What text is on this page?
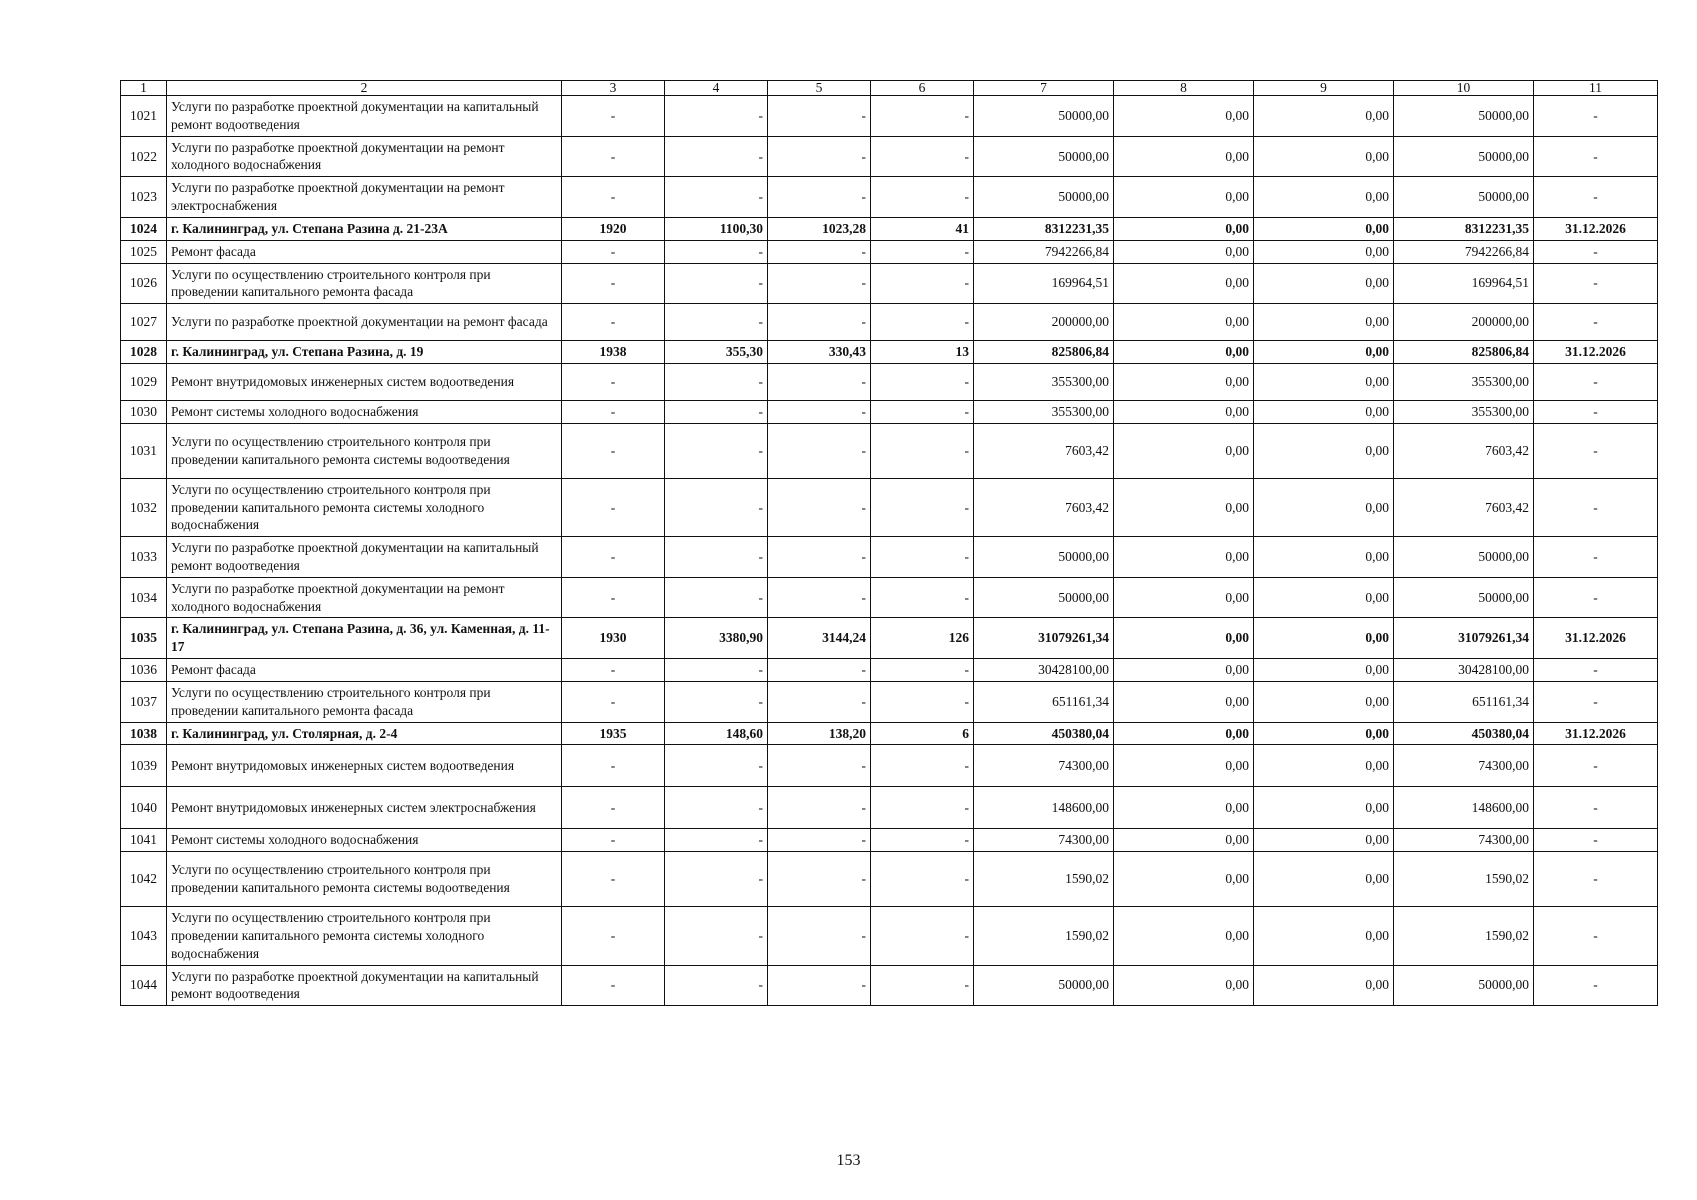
1	2	3	4	5	6	7	8	9	10	11
1021	Услуги по разработке проектной документации на капитальный ремонт водоотведения	-	-	-	-	50000,00	0,00	0,00	50000,00	-
1022	Услуги по разработке проектной документации на ремонт холодного водоснабжения	-	-	-	-	50000,00	0,00	0,00	50000,00	-
1023	Услуги по разработке проектной документации на ремонт электроснабжения	-	-	-	-	50000,00	0,00	0,00	50000,00	-
1024	г. Калининград, ул. Степана Разина д. 21-23А	1920	1100,30	1023,28	41	8312231,35	0,00	0,00	8312231,35	31.12.2026
1025	Ремонт фасада	-	-	-	-	7942266,84	0,00	0,00	7942266,84	-
1026	Услуги по осуществлению строительного контроля при проведении капитального ремонта фасада	-	-	-	-	169964,51	0,00	0,00	169964,51	-
1027	Услуги по разработке проектной документации на ремонт фасада	-	-	-	-	200000,00	0,00	0,00	200000,00	-
1028	г. Калининград, ул. Степана Разина, д. 19	1938	355,30	330,43	13	825806,84	0,00	0,00	825806,84	31.12.2026
1029	Ремонт внутридомовых инженерных систем водоотведения	-	-	-	-	355300,00	0,00	0,00	355300,00	-
1030	Ремонт системы холодного водоснабжения	-	-	-	-	355300,00	0,00	0,00	355300,00	-
1031	Услуги по осуществлению строительного контроля при проведении капитального ремонта системы водоотведения	-	-	-	-	7603,42	0,00	0,00	7603,42	-
1032	Услуги по осуществлению строительного контроля при проведении капитального ремонта системы холодного водоснабжения	-	-	-	-	7603,42	0,00	0,00	7603,42	-
1033	Услуги по разработке проектной документации на капитальный ремонт водоотведения	-	-	-	-	50000,00	0,00	0,00	50000,00	-
1034	Услуги по разработке проектной документации на ремонт холодного водоснабжения	-	-	-	-	50000,00	0,00	0,00	50000,00	-
1035	г. Калининград, ул. Степана Разина, д. 36, ул. Каменная, д. 11-17	1930	3380,90	3144,24	126	31079261,34	0,00	0,00	31079261,34	31.12.2026
1036	Ремонт фасада	-	-	-	-	30428100,00	0,00	0,00	30428100,00	-
1037	Услуги по осуществлению строительного контроля при проведении капитального ремонта фасада	-	-	-	-	651161,34	0,00	0,00	651161,34	-
1038	г. Калининград, ул. Столярная, д. 2-4	1935	148,60	138,20	6	450380,04	0,00	0,00	450380,04	31.12.2026
1039	Ремонт внутридомовых инженерных систем водоотведения	-	-	-	-	74300,00	0,00	0,00	74300,00	-
1040	Ремонт внутридомовых инженерных систем электроснабжения	-	-	-	-	148600,00	0,00	0,00	148600,00	-
1041	Ремонт системы холодного водоснабжения	-	-	-	-	74300,00	0,00	0,00	74300,00	-
1042	Услуги по осуществлению строительного контроля при проведении капитального ремонта системы водоотведения	-	-	-	-	1590,02	0,00	0,00	1590,02	-
1043	Услуги по осуществлению строительного контроля при проведении капитального ремонта системы холодного водоснабжения	-	-	-	-	1590,02	0,00	0,00	1590,02	-
1044	Услуги по разработке проектной документации на капитальный ремонт водоотведения	-	-	-	-	50000,00	0,00	0,00	50000,00	-
153
